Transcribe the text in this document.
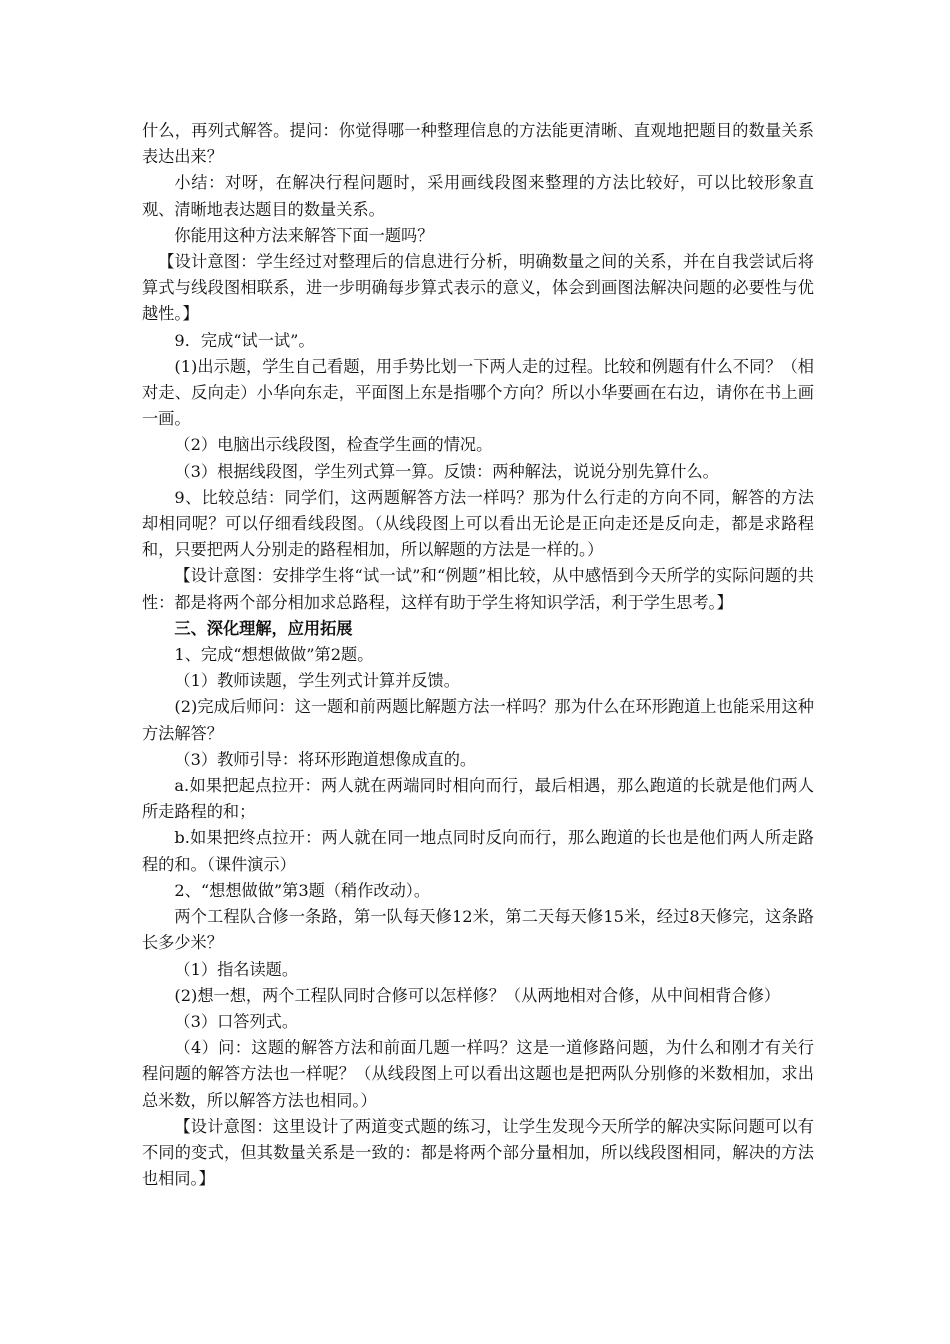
什么，再列式解答。提问：你觉得哪一种整理信息的方法能更清晰、直观地把题目的数量关系表达出来？

小结：对呀，在解决行程问题时，采用画线段图来整理的方法比较好，可以比较形象直观、清晰地表达题目的数量关系。

你能用这种方法来解答下面一题吗？

【设计意图：学生经过对整理后的信息进行分析，明确数量之间的关系，并在自我尝试后将算式与线段图相联系，进一步明确每步算式表示的意义，体会到画图法解决问题的必要性与优越性。】

9．完成“试一试”。

(1)出示题，学生自己看题，用手势比划一下两人走的过程。比较和例题有什么不同？（相对走、反向走）小华向东走，平面图上东是指哪个方向？所以小华要画在右边，请你在书上画一画。

（2）电脑出示线段图，检查学生画的情况。

（3）根据线段图，学生列式算一算。反馈：两种解法，说说分别先算什么。

9、比较总结：同学们，这两题解答方法一样吗？那为什么行走的方向不同，解答的方法却相同呢？可以仔细看线段图。（从线段图上可以看出无论是正向走还是反向走，都是求路程和，只要把两人分别走的路程相加，所以解题的方法是一样的。）

【设计意图：安排学生将“试一试”和“例题”相比较，从中感悟到今天所学的实际问题的共性：都是将两个部分相加求总路程，这样有助于学生将知识学活，利于学生思考。】

三、深化理解，应用拓展

1、完成“想想做做”第2题。

（1）教师读题，学生列式计算并反馈。

(2)完成后师问：这一题和前两题比解题方法一样吗？那为什么在环形跑道上也能采用这种方法解答？

（3）教师引导：将环形跑道想像成直的。

a.如果把起点拉开：两人就在两端同时相向而行，最后相遇，那么跑道的长就是他们两人所走路程的和；

b.如果把终点拉开：两人就在同一地点同时反向而行，那么跑道的长也是他们两人所走路程的和。（课件演示）

2、“想想做做”第3题（稍作改动）。

两个工程队合修一条路，第一队每天修12米，第二天每天修15米，经过8天修完，这条路长多少米？

（1）指名读题。

(2)想一想，两个工程队同时合修可以怎样修？（从两地相对合修，从中间相背合修）

（3）口答列式。

（4）问：这题的解答方法和前面几题一样吗？这是一道修路问题，为什么和刚才有关行程问题的解答方法也一样呢？（从线段图上可以看出这题也是把两队分别修的米数相加，求出总米数，所以解答方法也相同。）

【设计意图：这里设计了两道变式题的练习，让学生发现今天所学的解决实际问题可以有不同的变式，但其数量关系是一致的：都是将两个部分量相加，所以线段图相同，解决的方法也相同。】
